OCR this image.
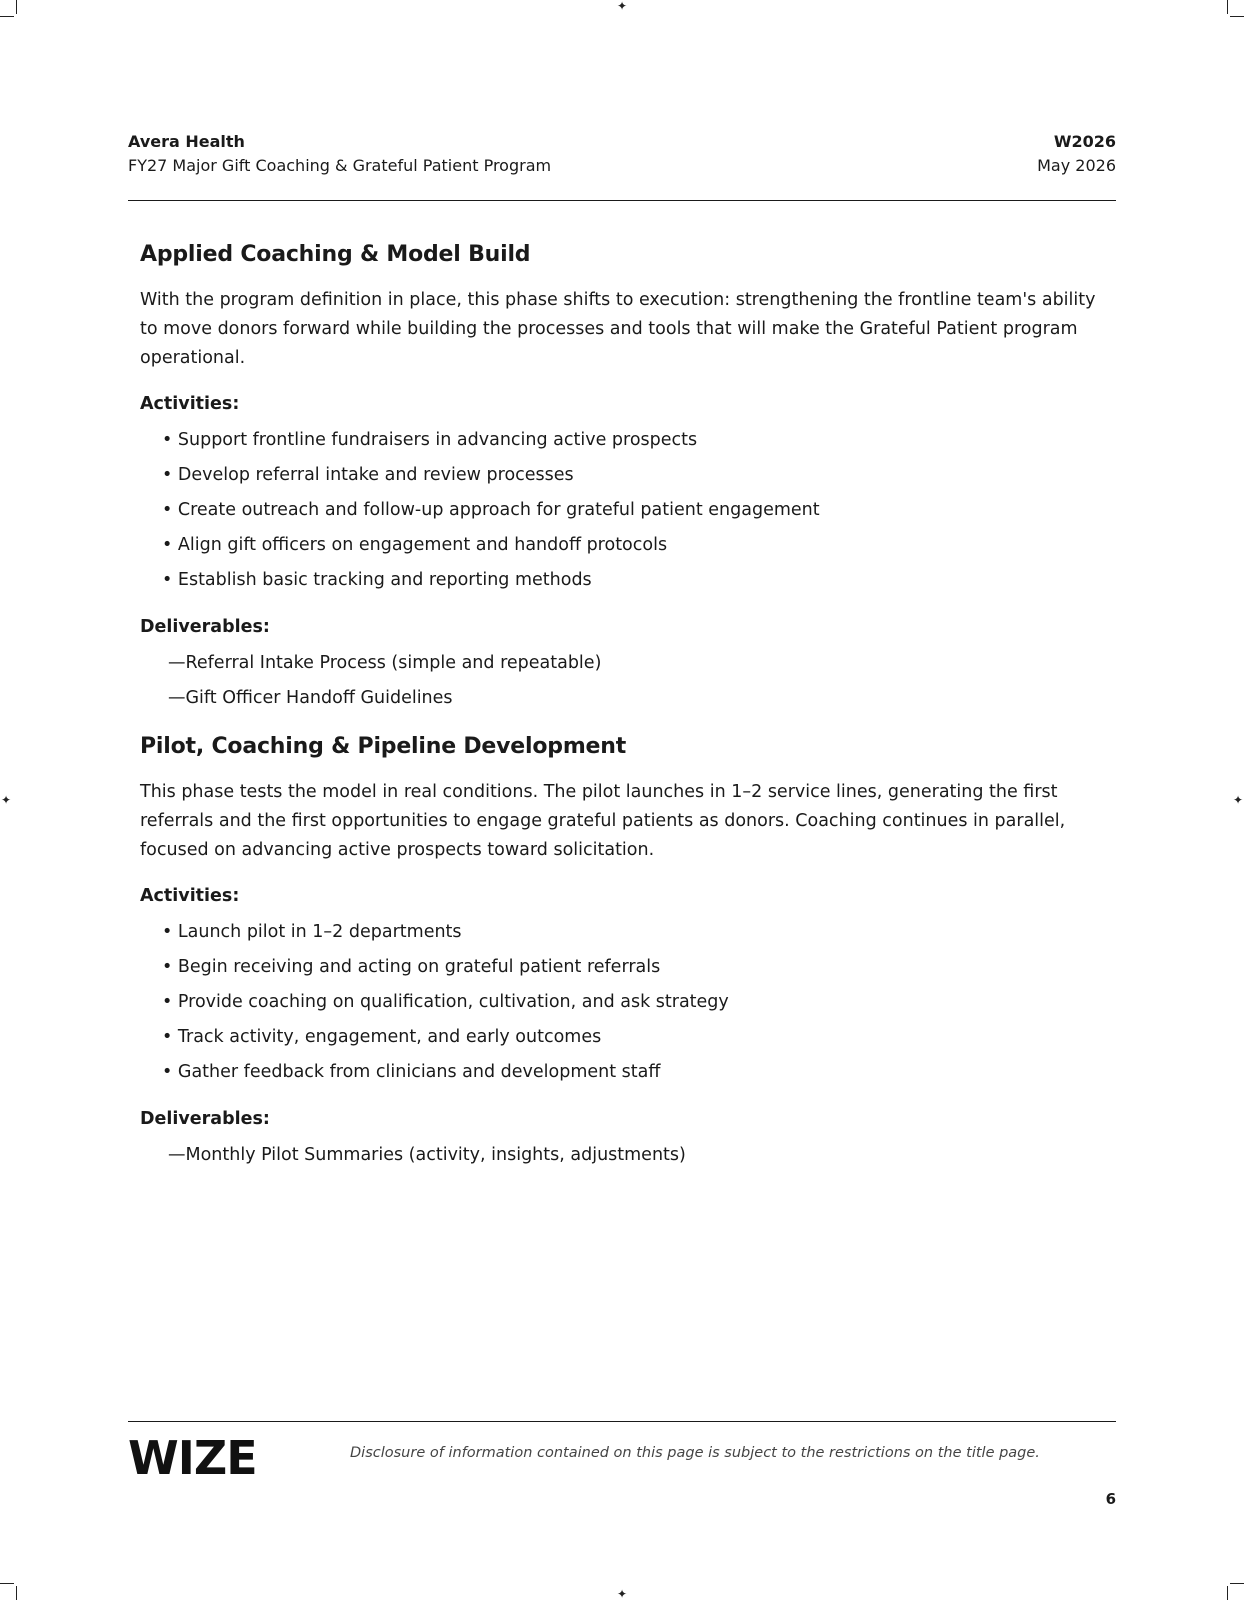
✦
✦
✦	✦
Avera Health
FY27 Major Gift Coaching & Grateful Patient Program
W2026
May 2026
Applied Coaching & Model Build

With the program definition in place, this phase shifts to execution: strengthening the frontline team's ability to move donors forward while building the processes and tools that will make the Grateful Patient program operational.

Activities:
• Support frontline fundraisers in advancing active prospects
• Develop referral intake and review processes
• Create outreach and follow-up approach for grateful patient engagement
• Align gift officers on engagement and handoff protocols
• Establish basic tracking and reporting methods
Deliverables:
— Referral Intake Process (simple and repeatable)
— Gift Officer Handoff Guidelines
Pilot, Coaching & Pipeline Development

This phase tests the model in real conditions. The pilot launches in 1–2 service lines, generating the first referrals and the first opportunities to engage grateful patients as donors. Coaching continues in parallel, focused on advancing active prospects toward solicitation.

Activities:
• Launch pilot in 1–2 departments
• Begin receiving and acting on grateful patient referrals
• Provide coaching on qualification, cultivation, and ask strategy
• Track activity, engagement, and early outcomes
• Gather feedback from clinicians and development staff
Deliverables:
— Monthly Pilot Summaries (activity, insights, adjustments)
WIZE	Disclosure of information contained on this page is subject to the restrictions on the title page.
6
